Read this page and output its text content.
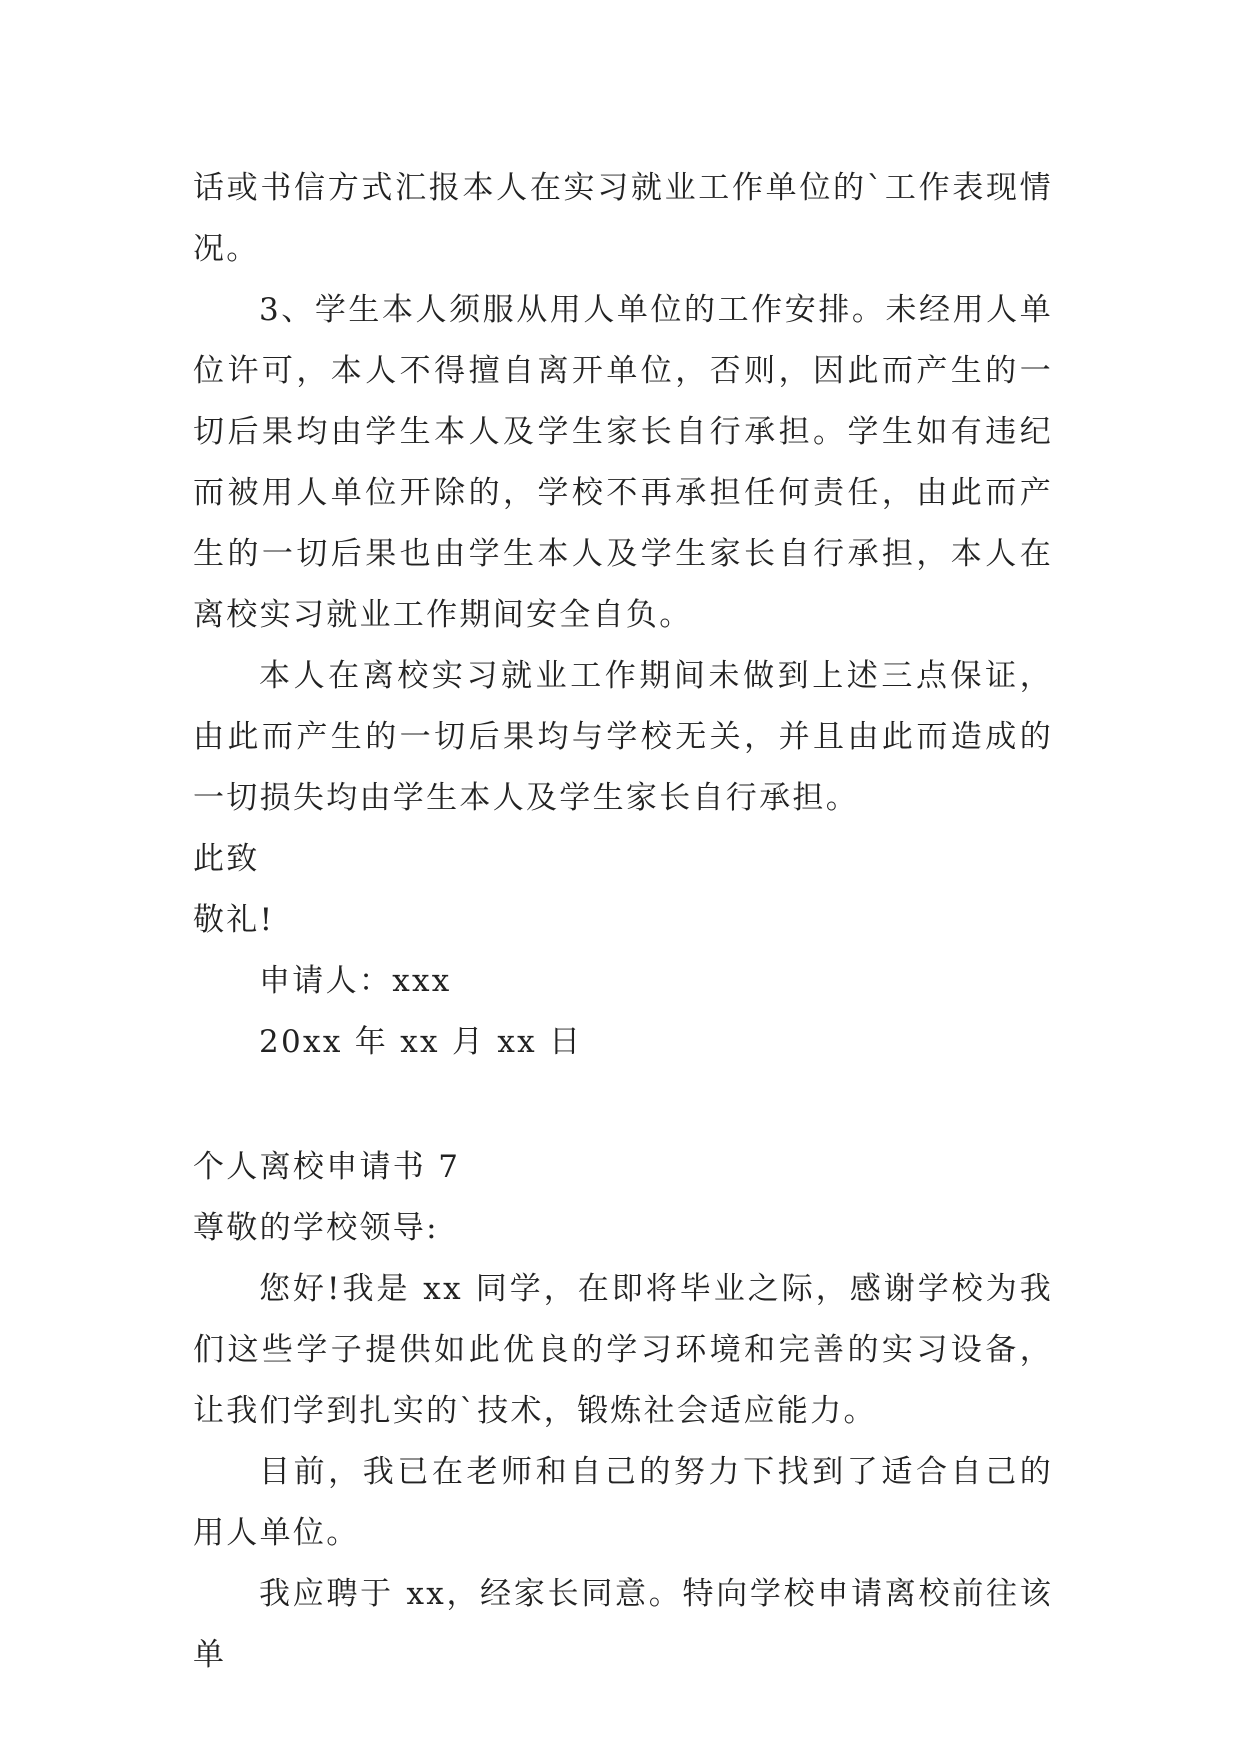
话或书信方式汇报本人在实习就业工作单位的`工作表现情况。

3、学生本人须服从用人单位的工作安排。未经用人单位许可，本人不得擅自离开单位，否则，因此而产生的一切后果均由学生本人及学生家长自行承担。学生如有违纪而被用人单位开除的，学校不再承担任何责任，由此而产生的一切后果也由学生本人及学生家长自行承担，本人在离校实习就业工作期间安全自负。

本人在离校实习就业工作期间未做到上述三点保证，由此而产生的一切后果均与学校无关，并且由此而造成的一切损失均由学生本人及学生家长自行承担。

此致

敬礼!

申请人：xxx

20xx 年 xx 月 xx 日

个人离校申请书 7

尊敬的学校领导:

您好!我是 xx 同学，在即将毕业之际，感谢学校为我们这些学子提供如此优良的学习环境和完善的实习设备，让我们学到扎实的`技术，锻炼社会适应能力。

目前，我已在老师和自己的努力下找到了适合自己的用人单位。

我应聘于 xx，经家长同意。特向学校申请离校前往该单
